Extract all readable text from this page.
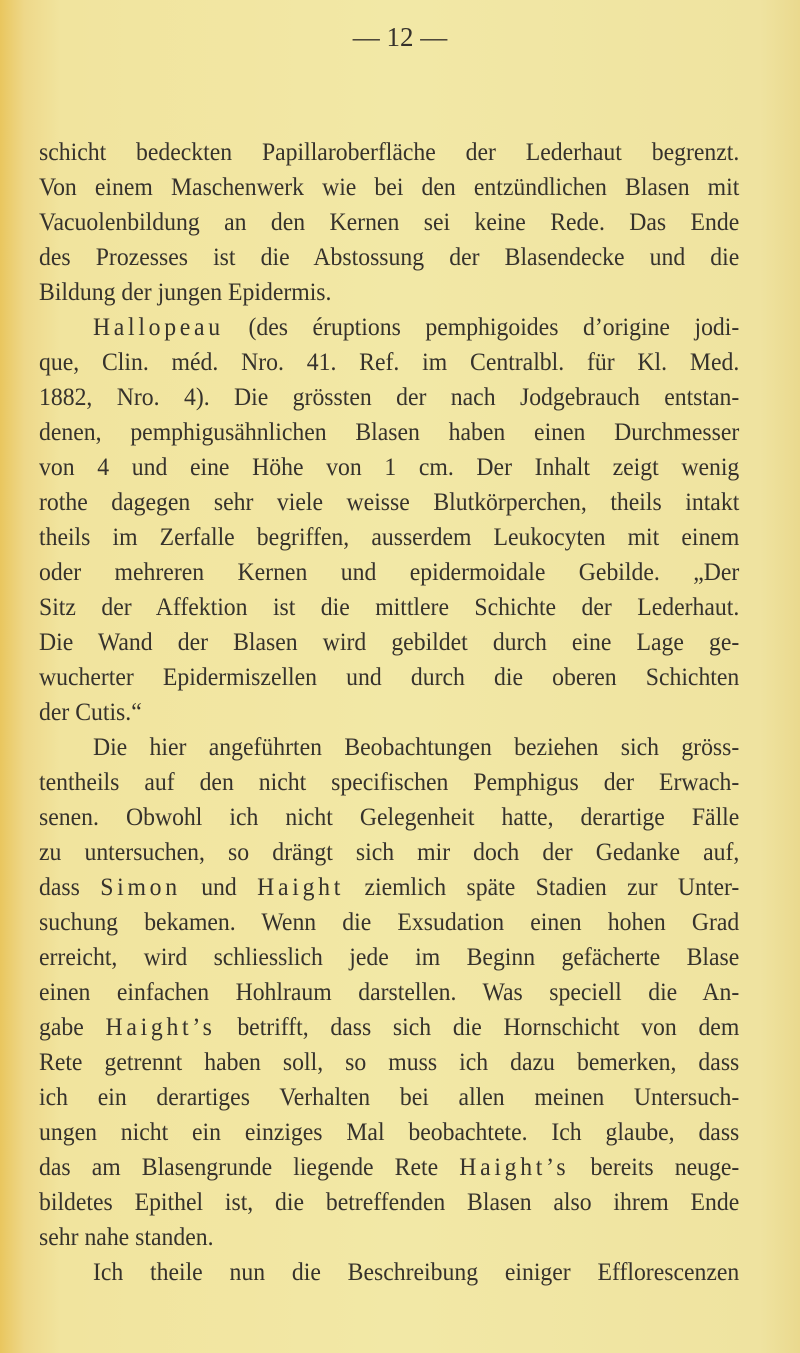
— 12 —
schicht bedeckten Papillaroberfläche der Lederhaut begrenzt.
Von einem Maschenwerk wie bei den entzündlichen Blasen mit
Vacuolenbildung an den Kernen sei keine Rede. Das Ende
des Prozesses ist die Abstossung der Blasendecke und die
Bildung der jungen Epidermis.
Hallopeau (des éruptions pemphigoides d’origine jodi-
que, Clin. méd. Nro. 41. Ref. im Centralbl. für Kl. Med.
1882, Nro. 4). Die grössten der nach Jodgebrauch entstan-
denen, pemphigusähnlichen Blasen haben einen Durchmesser
von 4 und eine Höhe von 1 cm. Der Inhalt zeigt wenig
rothe dagegen sehr viele weisse Blutkörperchen, theils intakt
theils im Zerfalle begriffen, ausserdem Leukocyten mit einem
oder mehreren Kernen und epidermoidale Gebilde. „Der
Sitz der Affektion ist die mittlere Schichte der Lederhaut.
Die Wand der Blasen wird gebildet durch eine Lage ge-
wucherter Epidermiszellen und durch die oberen Schichten
der Cutis.“
Die hier angeführten Beobachtungen beziehen sich gröss-
tentheils auf den nicht specifischen Pemphigus der Erwach-
senen. Obwohl ich nicht Gelegenheit hatte, derartige Fälle
zu untersuchen, so drängt sich mir doch der Gedanke auf,
dass Simon und Haight ziemlich späte Stadien zur Unter-
suchung bekamen. Wenn die Exsudation einen hohen Grad
erreicht, wird schliesslich jede im Beginn gefächerte Blase
einen einfachen Hohlraum darstellen. Was speciell die An-
gabe Haight’s betrifft, dass sich die Hornschicht von dem
Rete getrennt haben soll, so muss ich dazu bemerken, dass
ich ein derartiges Verhalten bei allen meinen Untersuch-
ungen nicht ein einziges Mal beobachtete. Ich glaube, dass
das am Blasengrunde liegende Rete Haight’s bereits neuge-
bildetes Epithel ist, die betreffenden Blasen also ihrem Ende
sehr nahe standen.
Ich theile nun die Beschreibung einiger Efflorescenzen
